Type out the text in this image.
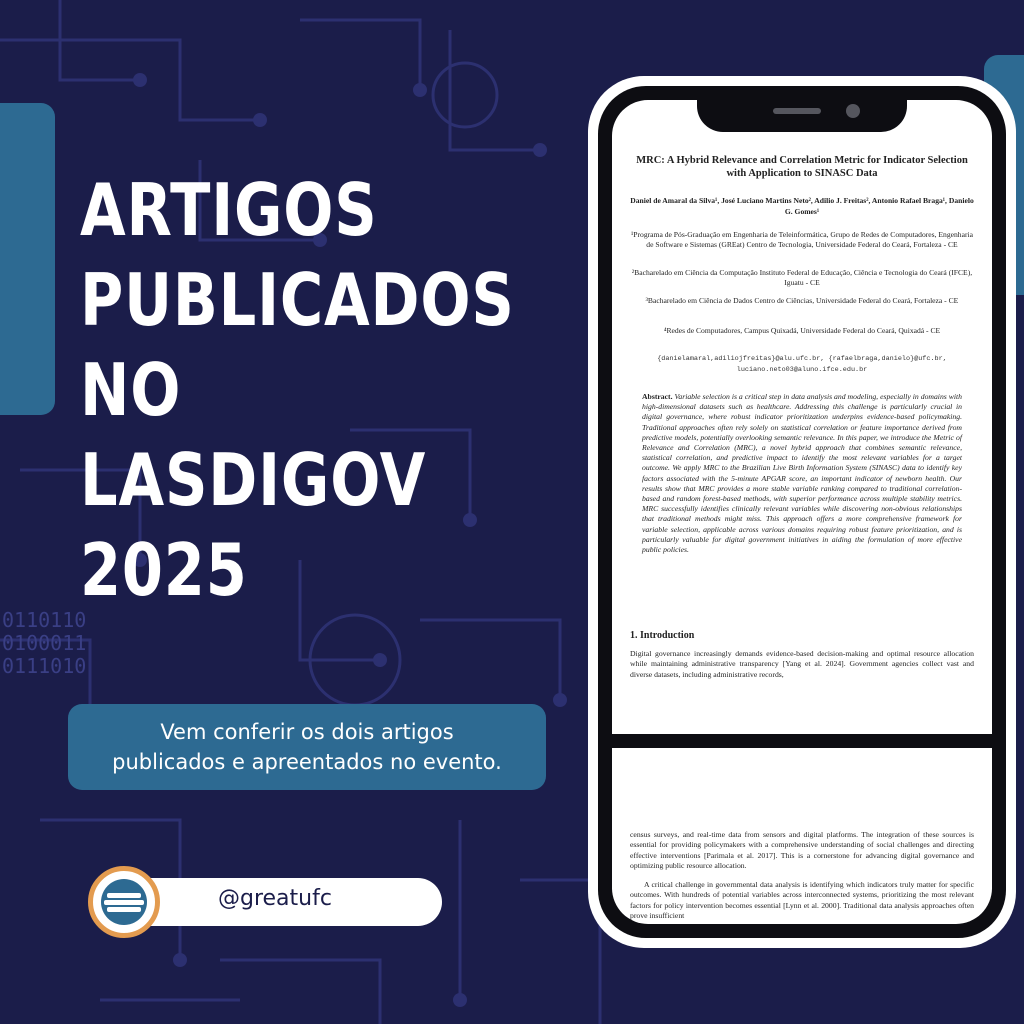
0110110
0100011
0111010
ARTIGOS
PUBLICADOS
NO LASDIGOV
2025
Vem conferir os dois artigos
publicados e apreentados no evento.
@greatufc
MRC: A Hybrid Relevance and Correlation Metric for Indicator Selection with Application to SINASC Data
Daniel de Amaral da Silva¹, José Luciano Martins Neto², Adilio J. Freitas², Antonio Rafael Braga¹, Danielo G. Gomes¹
¹Programa de Pós-Graduação em Engenharia de Teleinformática, Grupo de Redes de Computadores, Engenharia de Software e Sistemas (GREat) Centro de Tecnologia, Universidade Federal do Ceará, Fortaleza - CE
²Bacharelado em Ciência da Computação Instituto Federal de Educação, Ciência e Tecnologia do Ceará (IFCE), Iguatu - CE
³Bacharelado em Ciência de Dados Centro de Ciências, Universidade Federal do Ceará, Fortaleza - CE
⁴Redes de Computadores, Campus Quixadá, Universidade Federal do Ceará, Quixadá - CE
{danielamaral,adiliojfreitas}@alu.ufc.br, {rafaelbraga,danielo}@ufc.br, luciano.neto03@aluno.ifce.edu.br
Abstract. Variable selection is a critical step in data analysis and modeling, especially in domains with high-dimensional datasets such as healthcare. Addressing this challenge is particularly crucial in digital governance, where robust indicator prioritization underpins evidence-based policymaking. Traditional approaches often rely solely on statistical correlation or feature importance derived from predictive models, potentially overlooking semantic relevance. In this paper, we introduce the Metric of Relevance and Correlation (MRC), a novel hybrid approach that combines semantic relevance, statistical correlation, and predictive impact to identify the most relevant variables for a target outcome. We apply MRC to the Brazilian Live Birth Information System (SINASC) data to identify key factors associated with the 5-minute APGAR score, an important indicator of newborn health. Our results show that MRC provides a more stable variable ranking compared to traditional correlation-based and random forest-based methods, with superior performance across multiple stability metrics. MRC successfully identifies clinically relevant variables while discovering non-obvious relationships that traditional methods might miss. This approach offers a more comprehensive framework for variable selection, applicable across various domains requiring robust feature prioritization, and is particularly valuable for digital government initiatives in aiding the formulation of more effective public policies.
1. Introduction
Digital governance increasingly demands evidence-based decision-making and optimal resource allocation while maintaining administrative transparency [Yang et al. 2024]. Government agencies collect vast and diverse datasets, including administrative records,
census surveys, and real-time data from sensors and digital platforms. The integration of these sources is essential for providing policymakers with a comprehensive understanding of social challenges and directing effective interventions [Parimala et al. 2017]. This is a cornerstone for advancing digital governance and optimizing public resource allocation.
A critical challenge in governmental data analysis is identifying which indicators truly matter for specific outcomes. With hundreds of potential variables across interconnected systems, prioritizing the most relevant factors for policy intervention becomes essential [Lynn et al. 2000]. Traditional data analysis approaches often prove insufficient
